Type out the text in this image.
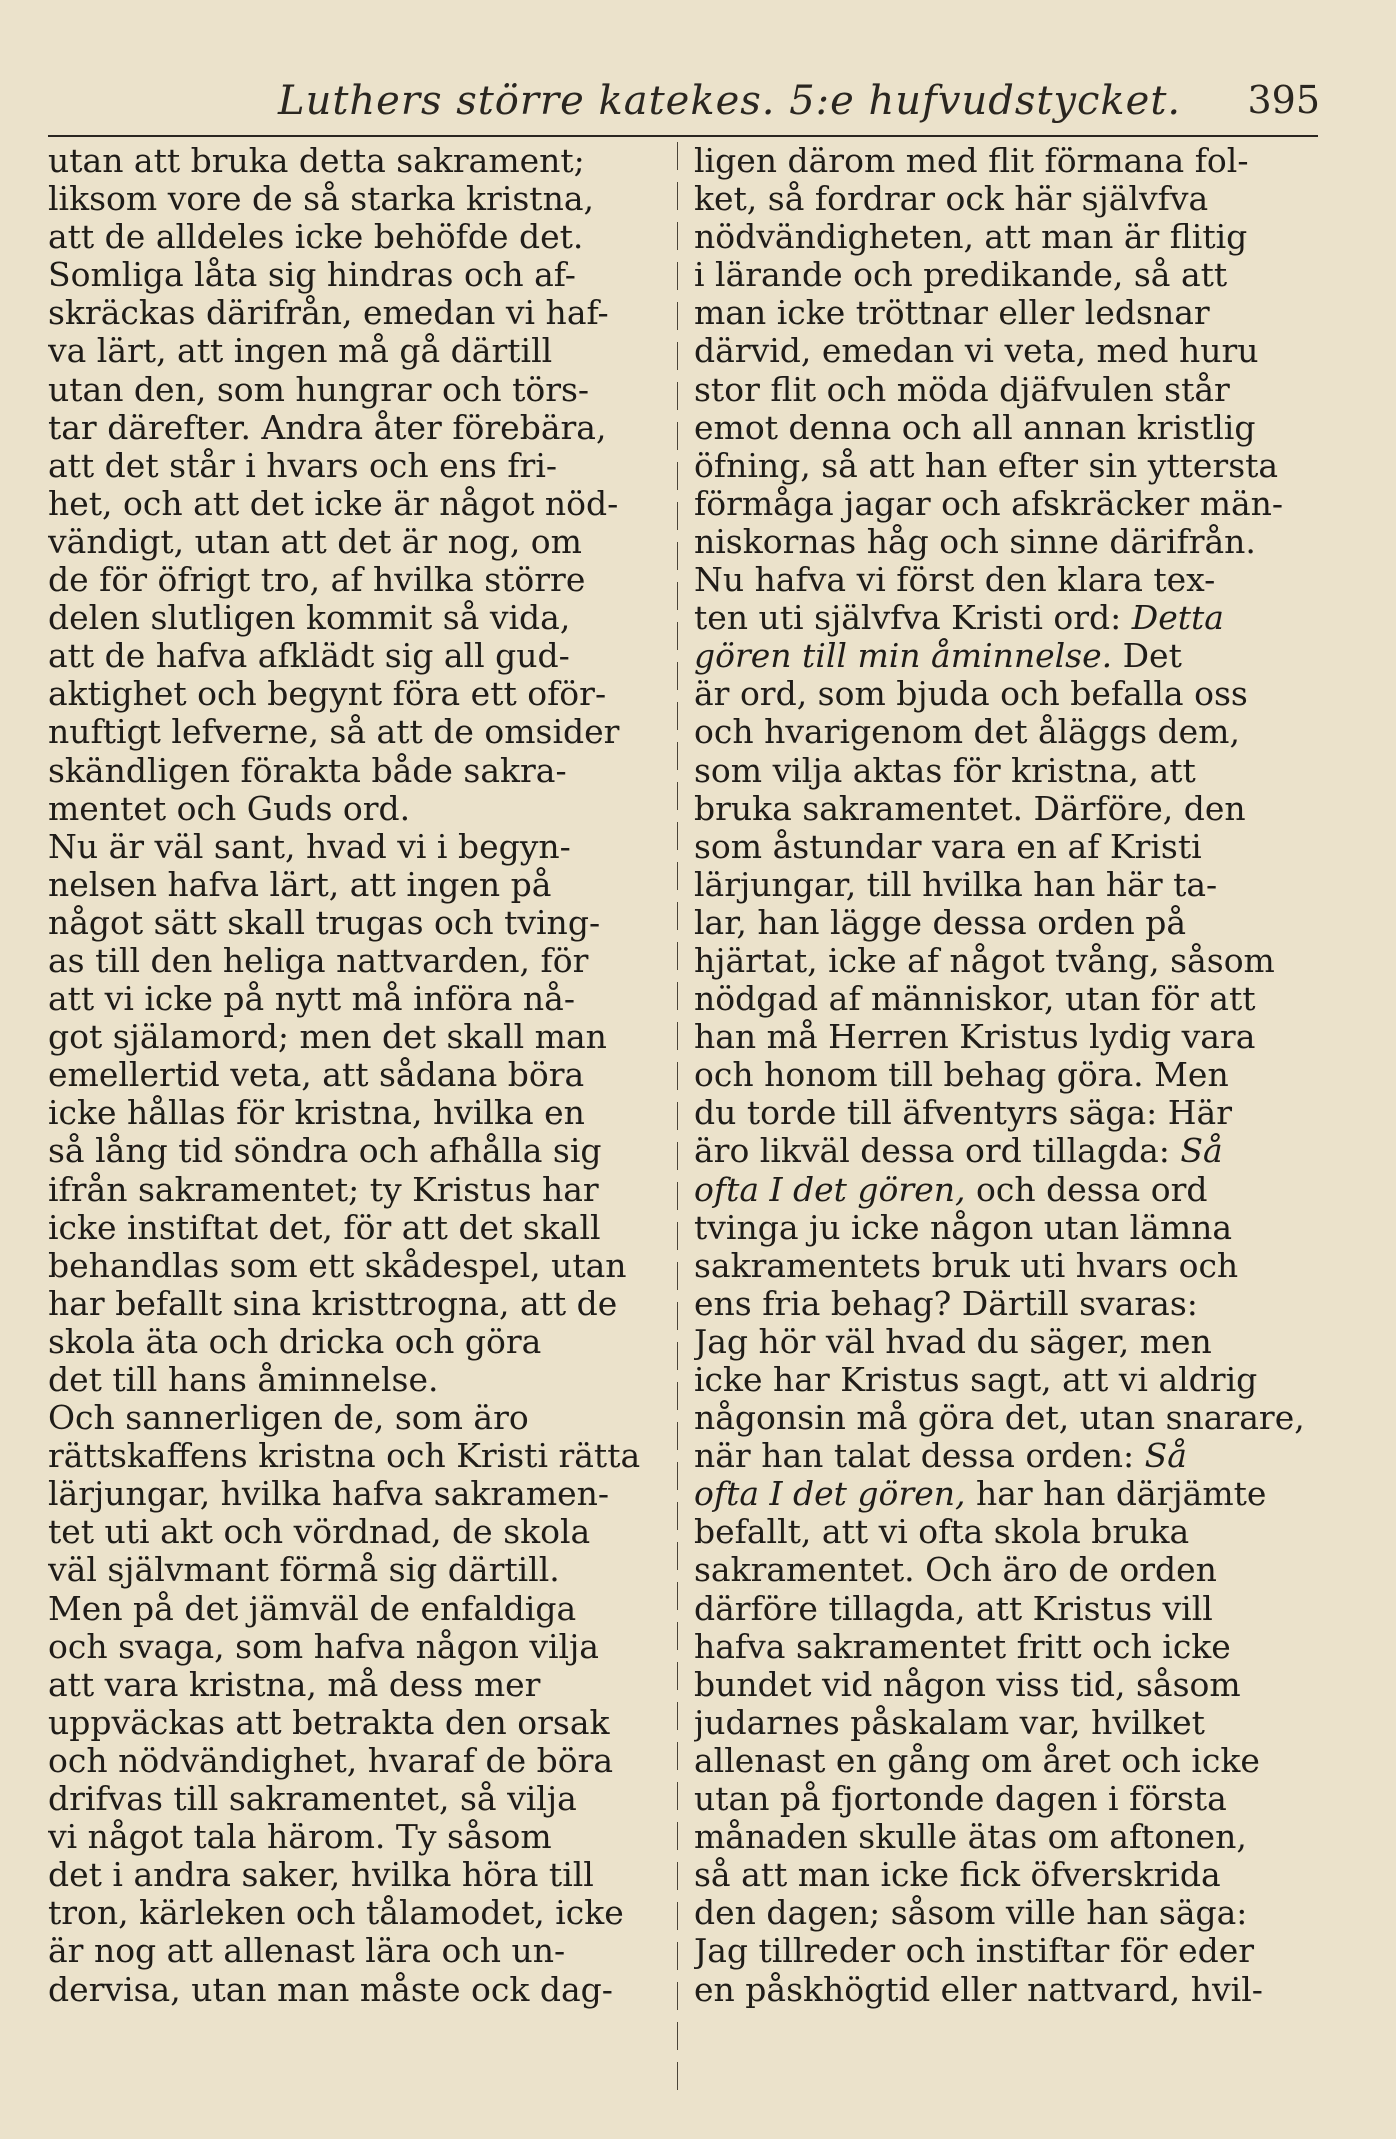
Luthers större katekes. 5:e hufvudstycket. 395
utan att bruka detta sakrament;
liksom vore de så starka kristna,
att de alldeles icke behöfde det.
Somliga låta sig hindras och af-
skräckas därifrån, emedan vi haf-
va lärt, att ingen må gå därtill
utan den, som hungrar och törs-
tar därefter. Andra åter förebära,
att det står i hvars och ens fri-
het, och att det icke är något nöd-
vändigt, utan att det är nog, om
de för öfrigt tro, af hvilka större
delen slutligen kommit så vida,
att de hafva afklädt sig all gud-
aktighet och begynt föra ett oför-
nuftigt lefverne, så att de omsider
skändligen förakta både sakra-
mentet och Guds ord.
Nu är väl sant, hvad vi i begyn-
nelsen hafva lärt, att ingen på
något sätt skall trugas och tving-
as till den heliga nattvarden, för
att vi icke på nytt må införa nå-
got själamord; men det skall man
emellertid veta, att sådana böra
icke hållas för kristna, hvilka en
så lång tid söndra och afhålla sig
ifrån sakramentet; ty Kristus har
icke instiftat det, för att det skall
behandlas som ett skådespel, utan
har befallt sina kristtrogna, att de
skola äta och dricka och göra
det till hans åminnelse.
Och sannerligen de, som äro
rättskaffens kristna och Kristi rätta
lärjungar, hvilka hafva sakramen-
tet uti akt och vördnad, de skola
väl självmant förmå sig därtill.
Men på det jämväl de enfaldiga
och svaga, som hafva någon vilja
att vara kristna, må dess mer
uppväckas att betrakta den orsak
och nödvändighet, hvaraf de böra
drifvas till sakramentet, så vilja
vi något tala härom. Ty såsom
det i andra saker, hvilka höra till
tron, kärleken och tålamodet, icke
är nog att allenast lära och un-
dervisa, utan man måste ock dag-
ligen därom med flit förmana fol-
ket, så fordrar ock här självfva
nödvändigheten, att man är flitig
i lärande och predikande, så att
man icke tröttnar eller ledsnar
därvid, emedan vi veta, med huru
stor flit och möda djäfvulen står
emot denna och all annan kristlig
öfning, så att han efter sin yttersta
förmåga jagar och afskräcker män-
niskornas håg och sinne därifrån.
Nu hafva vi först den klara tex-
ten uti självfva Kristi ord: Detta
gören till min åminnelse. Det
är ord, som bjuda och befalla oss
och hvarigenom det åläggs dem,
som vilja aktas för kristna, att
bruka sakramentet. Därföre, den
som åstundar vara en af Kristi
lärjungar, till hvilka han här ta-
lar, han lägge dessa orden på
hjärtat, icke af något tvång, såsom
nödgad af människor, utan för att
han må Herren Kristus lydig vara
och honom till behag göra. Men
du torde till äfventyrs säga: Här
äro likväl dessa ord tillagda: Så
ofta I det gören, och dessa ord
tvinga ju icke någon utan lämna
sakramentets bruk uti hvars och
ens fria behag? Därtill svaras:
Jag hör väl hvad du säger, men
icke har Kristus sagt, att vi aldrig
någonsin må göra det, utan snarare,
när han talat dessa orden: Så
ofta I det gören, har han därjämte
befallt, att vi ofta skola bruka
sakramentet. Och äro de orden
därföre tillagda, att Kristus vill
hafva sakramentet fritt och icke
bundet vid någon viss tid, såsom
judarnes påskalam var, hvilket
allenast en gång om året och icke
utan på fjortonde dagen i första
månaden skulle ätas om aftonen,
så att man icke fick öfverskrida
den dagen; såsom ville han säga:
Jag tillreder och instiftar för eder
en påskhögtid eller nattvard, hvil-
